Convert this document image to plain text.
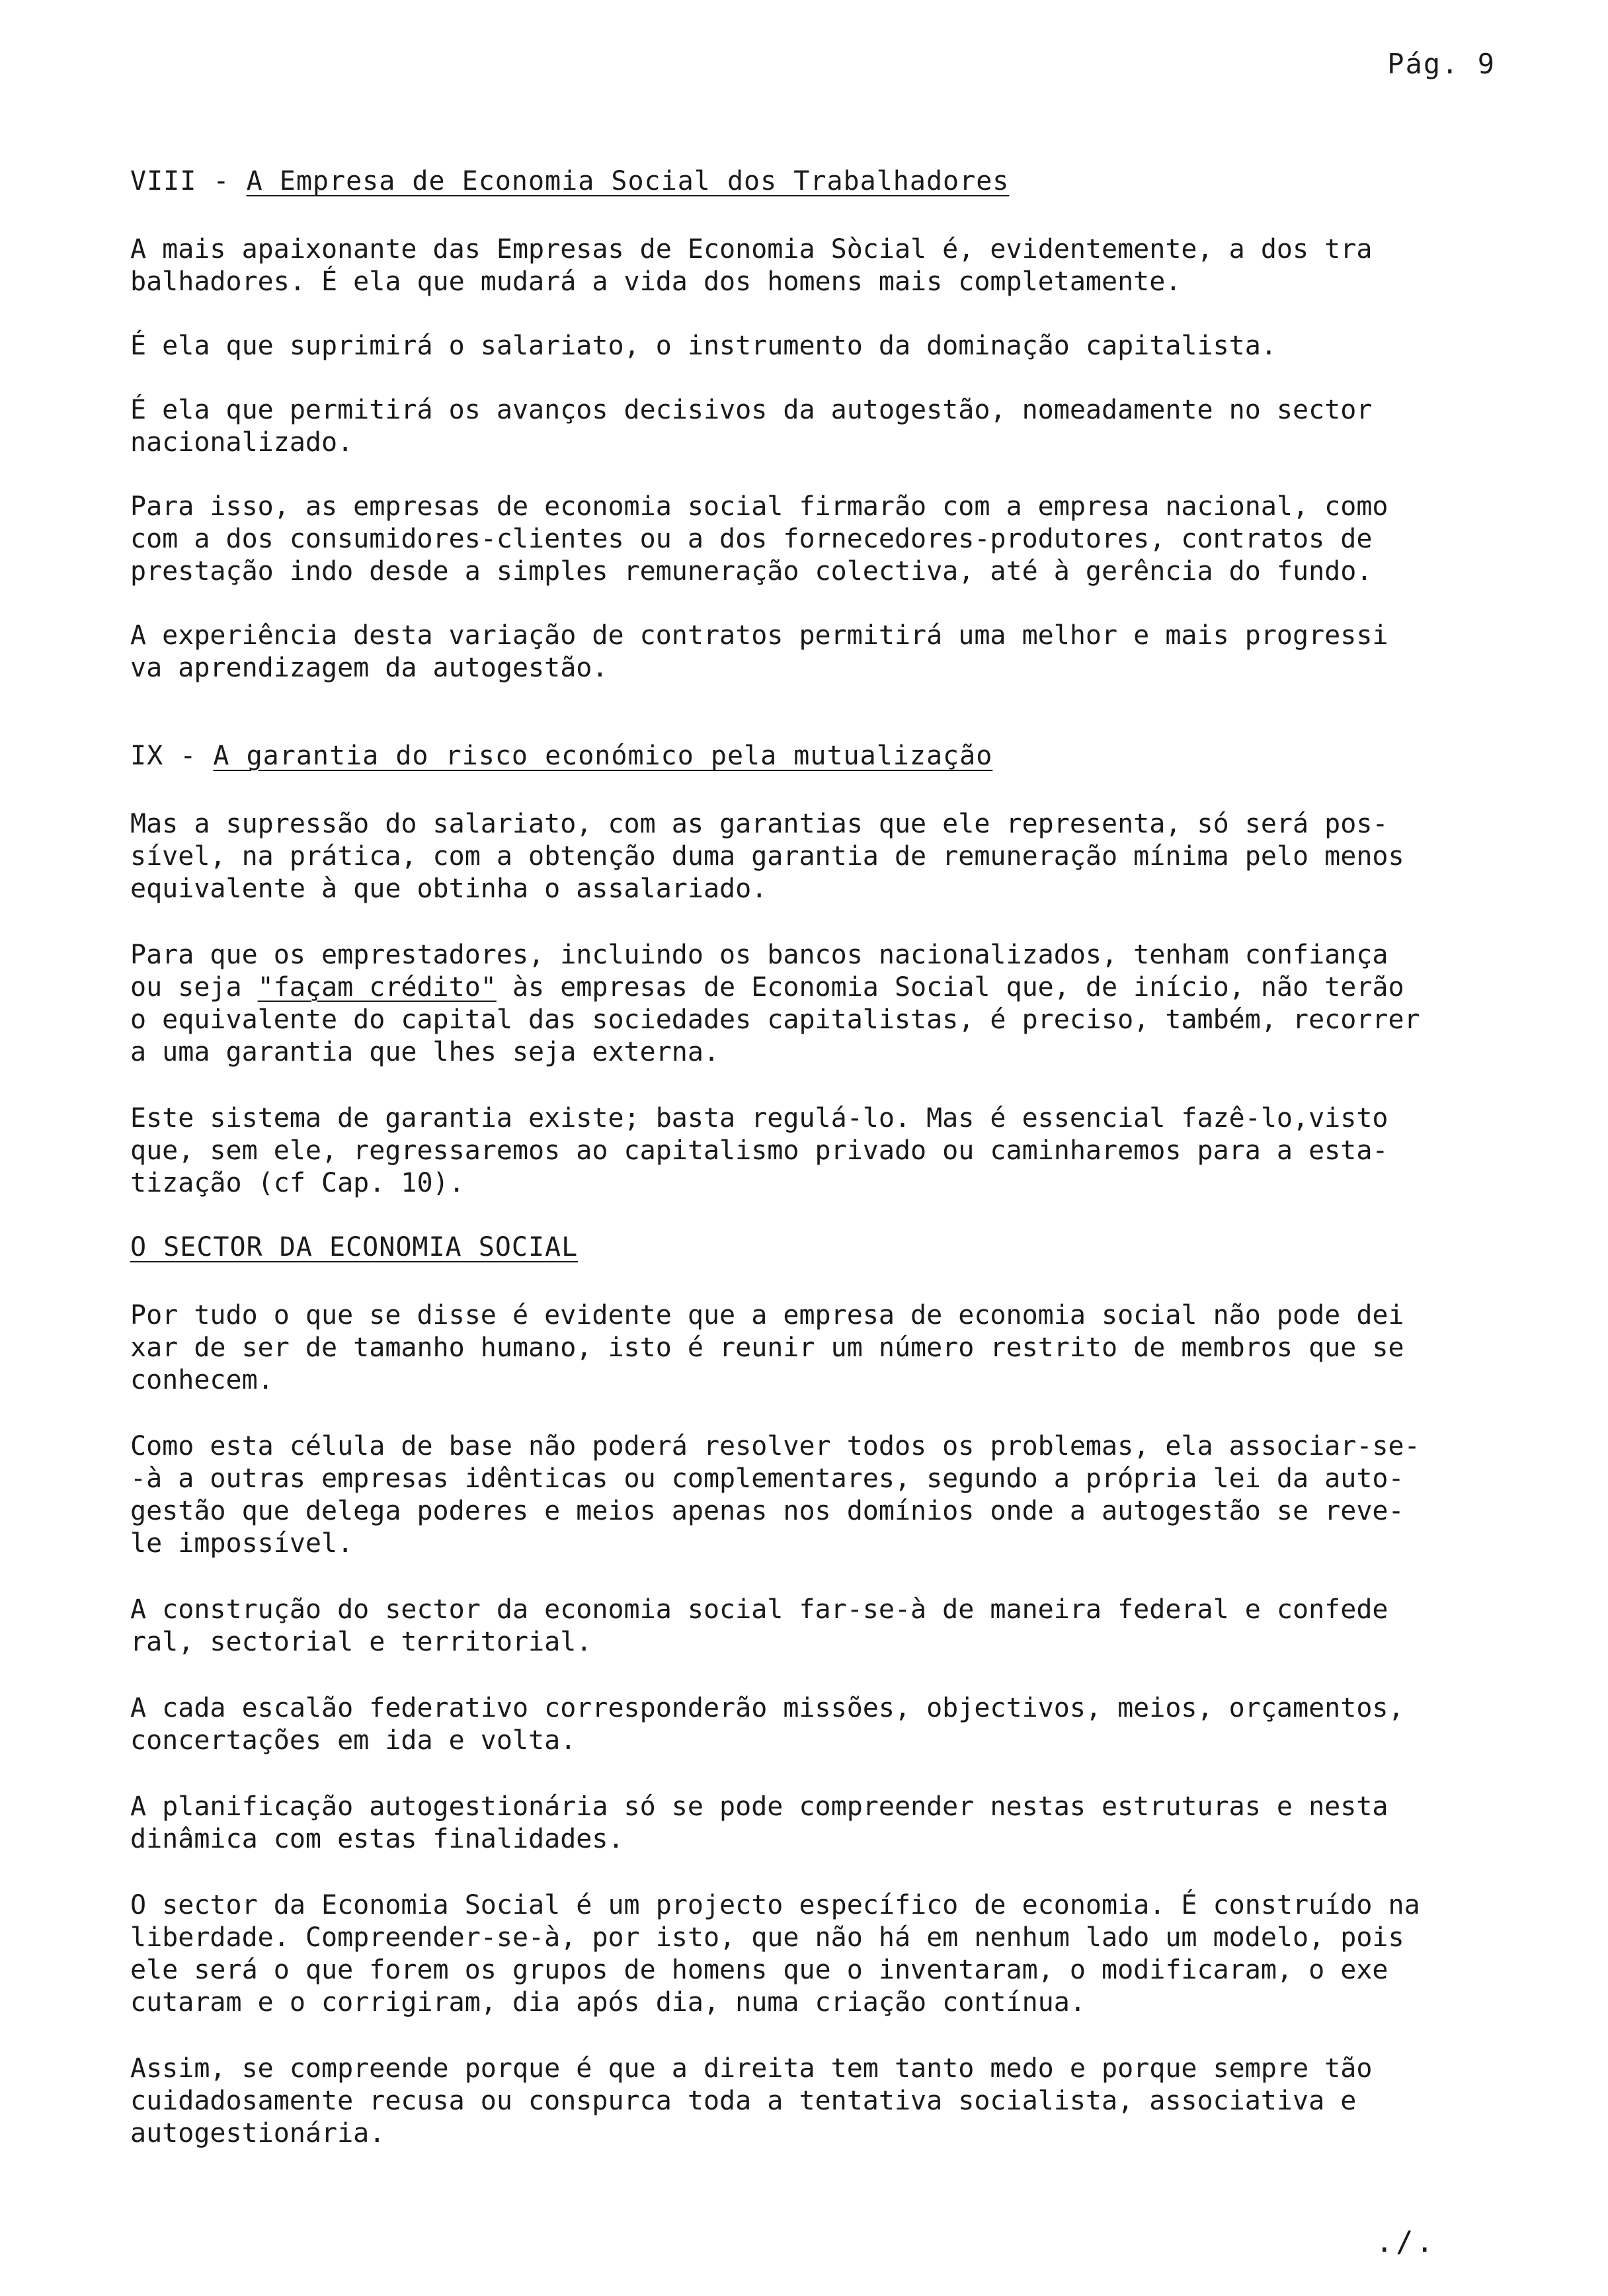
Pág. 9
VIII - A Empresa de Economia Social dos Trabalhadores

A mais apaixonante das Empresas de Economia Sòcial é, evidentemente, a dos tra
balhadores. É ela que mudará a vida dos homens mais completamente.

É ela que suprimirá o salariato, o instrumento da dominação capitalista.

É ela que permitirá os avanços decisivos da autogestão, nomeadamente no sector
nacionalizado.

Para isso, as empresas de economia social firmarão com a empresa nacional, como
com a dos consumidores-clientes ou a dos fornecedores-produtores, contratos de
prestação indo desde a simples remuneração colectiva, até à gerência do fundo.

A experiência desta variação de contratos permitirá uma melhor e mais progressi
va aprendizagem da autogestão.

IX - A garantia do risco económico pela mutualização

Mas a supressão do salariato, com as garantias que ele representa, só será pos-
sível, na prática, com a obtenção duma garantia de remuneração mínima pelo menos
equivalente à que obtinha o assalariado.

Para que os emprestadores, incluindo os bancos nacionalizados, tenham confiança
ou seja "façam crédito" às empresas de Economia Social que, de início, não terão
o equivalente do capital das sociedades capitalistas, é preciso, também, recorrer
a uma garantia que lhes seja externa.

Este sistema de garantia existe; basta regulá-lo. Mas é essencial fazê-lo,visto
que, sem ele, regressaremos ao capitalismo privado ou caminharemos para a esta-
tização (cf Cap. 10).

O SECTOR DA ECONOMIA SOCIAL

Por tudo o que se disse é evidente que a empresa de economia social não pode dei
xar de ser de tamanho humano, isto é reunir um número restrito de membros que se
conhecem.

Como esta célula de base não poderá resolver todos os problemas, ela associar-se-
-à a outras empresas idênticas ou complementares, segundo a própria lei da auto-
gestão que delega poderes e meios apenas nos domínios onde a autogestão se reve-
le impossível.

A construção do sector da economia social far-se-à de maneira federal e confede
ral, sectorial e territorial.

A cada escalão federativo corresponderão missões, objectivos, meios, orçamentos,
concertações em ida e volta.

A planificação autogestionária só se pode compreender nestas estruturas e nesta
dinâmica com estas finalidades.

O sector da Economia Social é um projecto específico de economia. É construído na
liberdade. Compreender-se-à, por isto, que não há em nenhum lado um modelo, pois
ele será o que forem os grupos de homens que o inventaram, o modificaram, o exe
cutaram e o corrigiram, dia após dia, numa criação contínua.

Assim, se compreende porque é que a direita tem tanto medo e porque sempre tão
cuidadosamente recusa ou conspurca toda a tentativa socialista, associativa e
autogestionária.

./.
